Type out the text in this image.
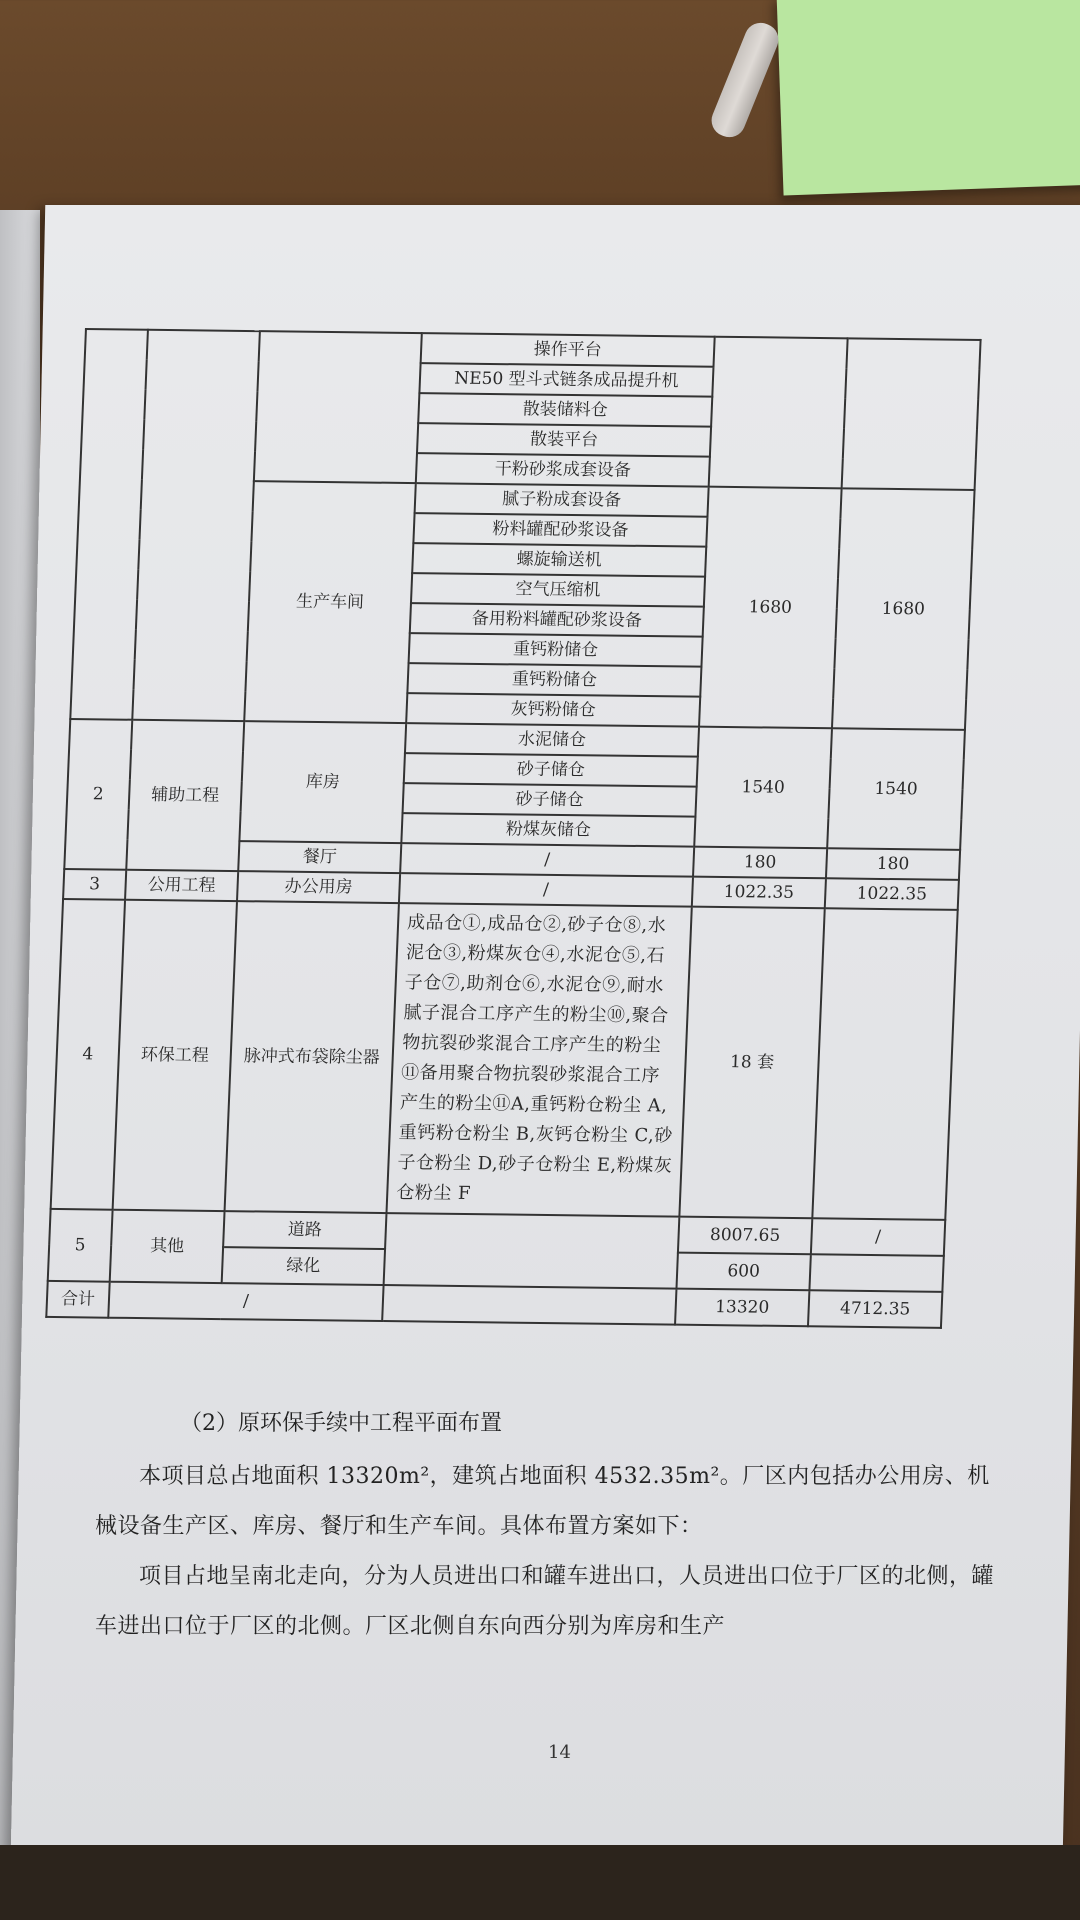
			操作平台		
			NE50 型斗式链条成品提升机		
			散装储料仓		
			散装平台		
			干粉砂浆成套设备		
		生产车间	腻子粉成套设备	1680	1680
			粉料罐配砂浆设备		
			螺旋输送机		
			空气压缩机		
			备用粉料罐配砂浆设备		
			重钙粉储仓		
			重钙粉储仓		
			灰钙粉储仓		
2	辅助工程	库房	水泥储仓	1540	1540
			砂子储仓		
			砂子储仓		
			粉煤灰储仓		
		餐厅	/	180	180
3	公用工程	办公用房	/	1022.35	1022.35
4	环保工程	脉冲式布袋除尘器	成品仓①,成品仓②,砂子仓⑧,水泥仓③,粉煤灰仓④,水泥仓⑤,石子仓⑦,助剂仓⑥,水泥仓⑨,耐水腻子混合工序产生的粉尘⑩,聚合物抗裂砂浆混合工序产生的粉尘⑪备用聚合物抗裂砂浆混合工序产生的粉尘⑪A,重钙粉仓粉尘 A,重钙粉仓粉尘 B,灰钙仓粉尘 C,砂子仓粉尘 D,砂子仓粉尘 E,粉煤灰仓粉尘 F	18 套	
5	其他	道路		8007.65	/
		绿化		600	
合计	/			13320	4712.35
（2）原环保手续中工程平面布置
本项目总占地面积 13320m²，建筑占地面积 4532.35m²。厂区内包括办公用房、机械设备生产区、库房、餐厅和生产车间。具体布置方案如下：
项目占地呈南北走向，分为人员进出口和罐车进出口，人员进出口位于厂区的北侧，罐车进出口位于厂区的北侧。厂区北侧自东向西分别为库房和生产
14
